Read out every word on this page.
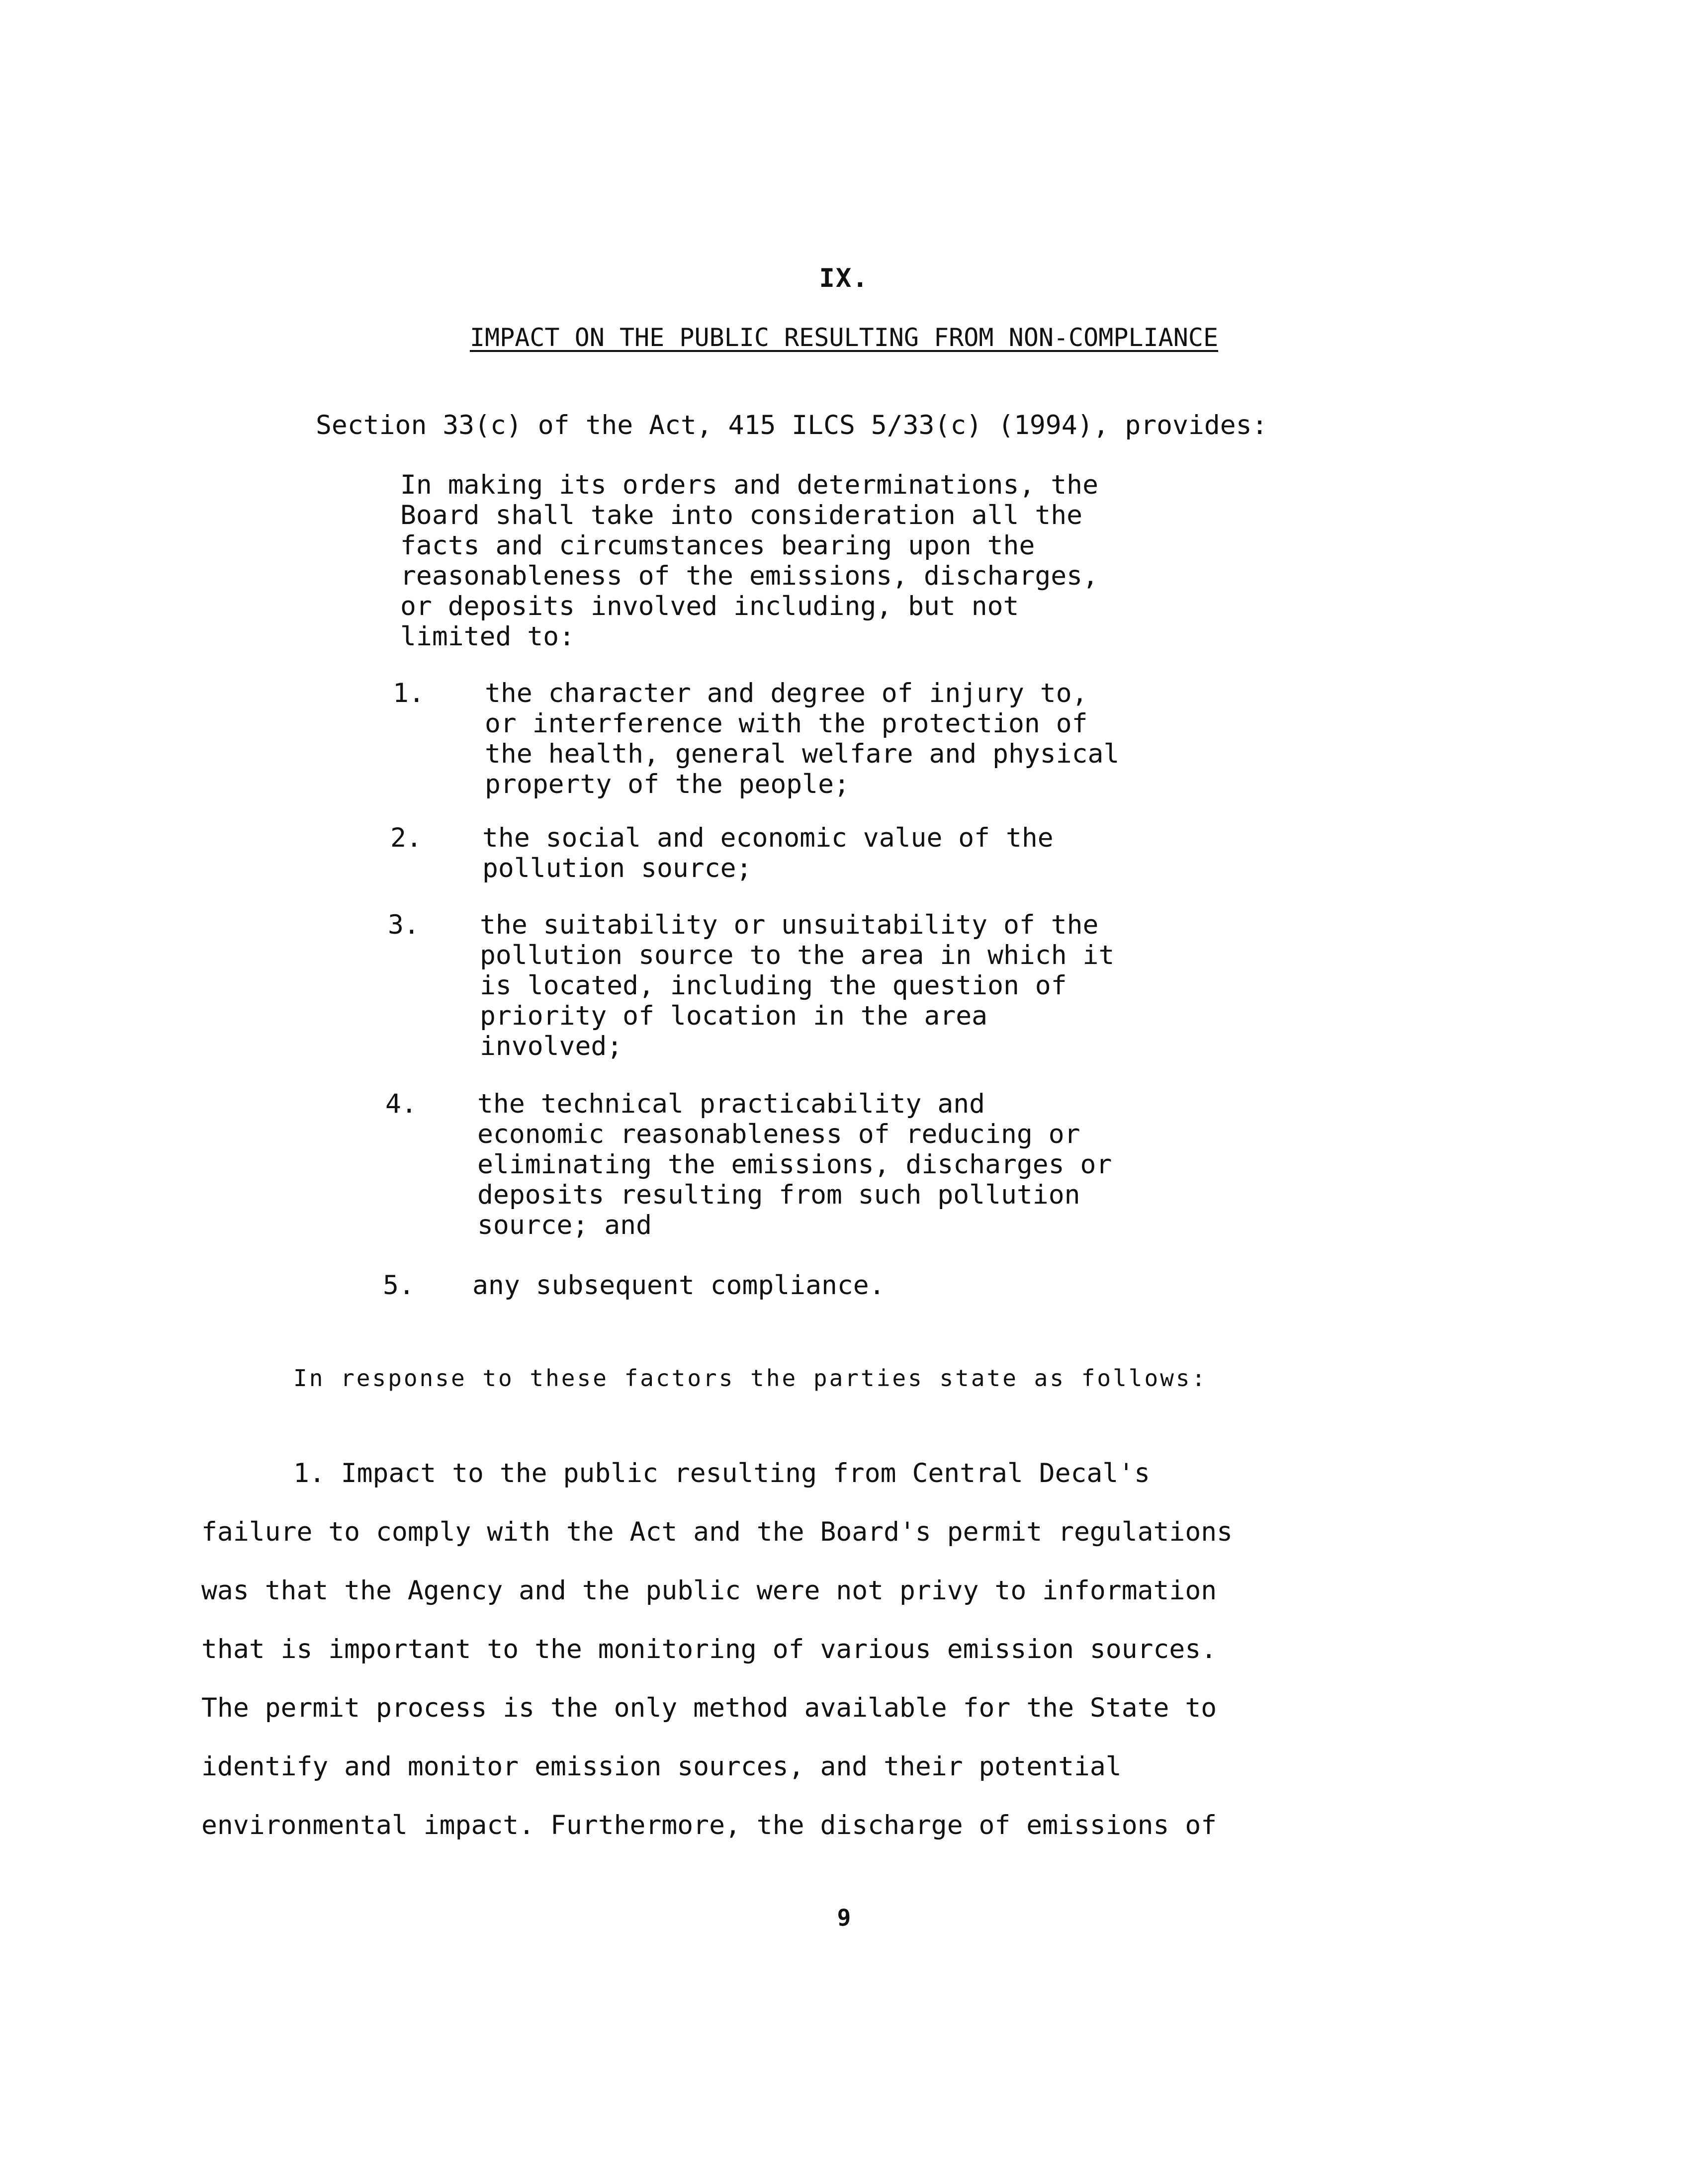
IX.
IMPACT ON THE PUBLIC RESULTING FROM NON-COMPLIANCE
Section 33(c) of the Act, 415 ILCS 5/33(c) (1994), provides:
In making its orders and determinations, the
Board shall take into consideration all the
facts and circumstances bearing upon the
reasonableness of the emissions, discharges,
or deposits involved including, but not
limited to:
1. the character and degree of injury to,
or interference with the protection of
the health, general welfare and physical
property of the people;
2. the social and economic value of the
pollution source;
3. the suitability or unsuitability of the
pollution source to the area in which it
is located, including the question of
priority of location in the area
involved;
4. the technical practicability and
economic reasonableness of reducing or
eliminating the emissions, discharges or
deposits resulting from such pollution
source; and
5. any subsequent compliance.
In response to these factors the parties state as follows:
1. Impact to the public resulting from Central Decal's
failure to comply with the Act and the Board's permit regulations
was that the Agency and the public were not privy to information
that is important to the monitoring of various emission sources.
The permit process is the only method available for the State to
identify and monitor emission sources, and their potential
environmental impact. Furthermore, the discharge of emissions of
9
